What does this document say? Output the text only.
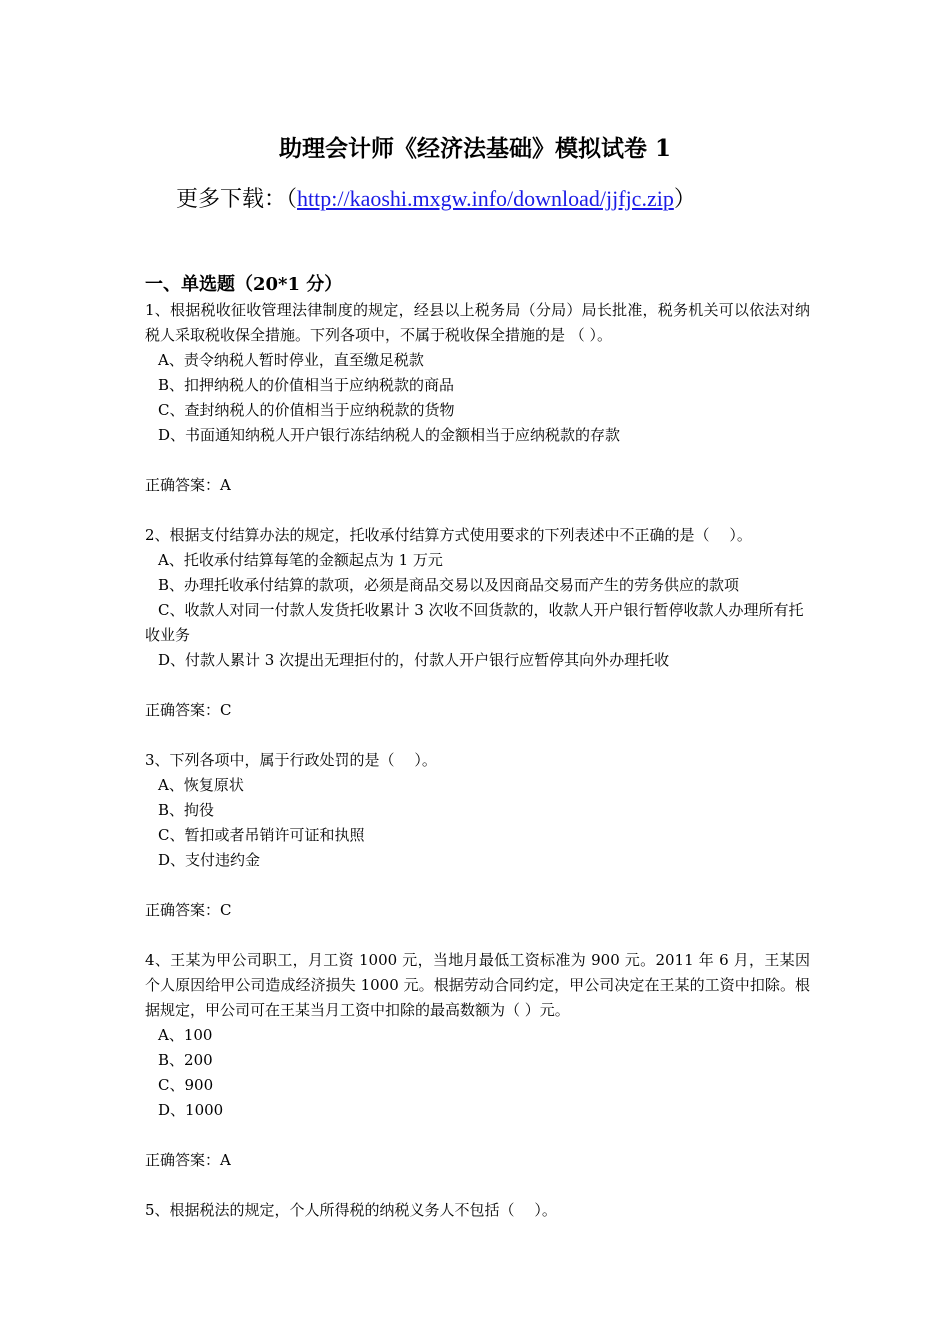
助理会计师《经济法基础》模拟试卷 1
更多下载：（http://kaoshi.mxgw.info/download/jjfjc.zip）
一、单选题（20*1 分）

1、根据税收征收管理法律制度的规定，经县以上税务局（分局）局长批准，税务机关可以依法对纳税人采取税收保全措施。下列各项中，不属于税收保全措施的是 （ ）。

A、责令纳税人暂时停业，直至缴足税款

B、扣押纳税人的价值相当于应纳税款的商品

C、查封纳税人的价值相当于应纳税款的货物

D、书面通知纳税人开户银行冻结纳税人的金额相当于应纳税款的存款

正确答案：A

2、根据支付结算办法的规定，托收承付结算方式使用要求的下列表述中不正确的是（　 ）。

A、托收承付结算每笔的金额起点为 1 万元

B、办理托收承付结算的款项，必须是商品交易以及因商品交易而产生的劳务供应的款项

C、收款人对同一付款人发货托收累计 3 次收不回货款的，收款人开户银行暂停收款人办理所有托收业务

D、付款人累计 3 次提出无理拒付的，付款人开户银行应暂停其向外办理托收

正确答案：C

3、下列各项中，属于行政处罚的是（　 ）。

A、恢复原状

B、拘役

C、暂扣或者吊销许可证和执照

D、支付违约金

正确答案：C

4、王某为甲公司职工，月工资 1000 元，当地月最低工资标准为 900 元。2011 年 6 月，王某因个人原因给甲公司造成经济损失 1000 元。根据劳动合同约定，甲公司决定在王某的工资中扣除。根据规定，甲公司可在王某当月工资中扣除的最高数额为（ ）元。

A、100

B、200

C、900

D、1000

正确答案：A

5、根据税法的规定，个人所得税的纳税义务人不包括（　 ）。
